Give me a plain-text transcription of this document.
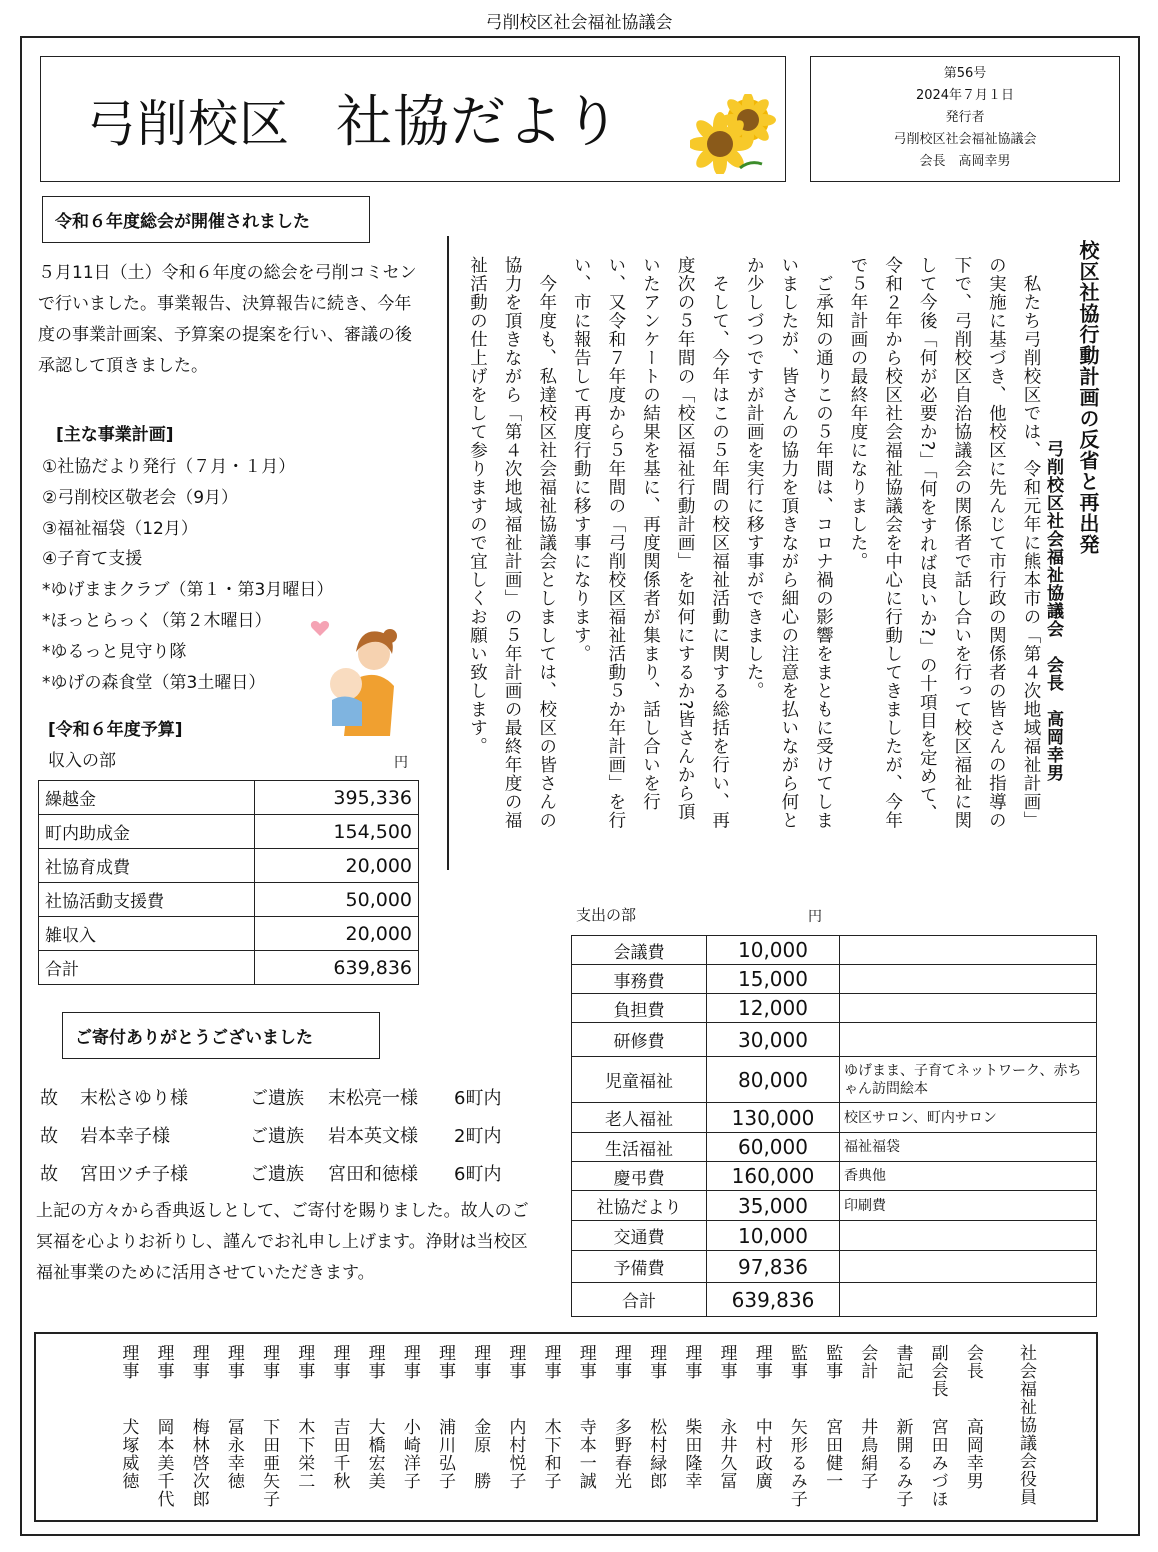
弓削校区社会福祉協議会
弓削校区 社協だより
第56号
2024年７月１日
発行者
弓削校区社会福祉協議会
会長　高岡幸男
令和６年度総会が開催されました
５月11日（土）令和６年度の総会を弓削コミセンで行いました。事業報告、決算報告に続き、今年度の事業計画案、予算案の提案を行い、審議の後承認して頂きました。
[主な事業計画]
①社協だより発行（７月・１月）
②弓削校区敬老会（9月）
③福祉福袋（12月）
④子育て支援
*ゆげままクラブ（第１・第3月曜日）
*ほっとらっく（第２木曜日）
*ゆるっと見守り隊
*ゆげの森食堂（第3土曜日）
[令和６年度予算]
収入の部	円
繰越金	395,336
町内助成金	154,500
社協育成費	20,000
社協活動支援費	50,000
雑収入	20,000
合計	639,836
ご寄付ありがとうございました
故 末松さゆり様	ご遺族 末松亮一様 6町内
故 岩本幸子様	ご遺族 岩本英文様 2町内
故 宮田ツチ子様	ご遺族 宮田和徳様 6町内
上記の方々から香典返しとして、ご寄付を賜りました。故人のご冥福を心よりお祈りし、謹んでお礼申し上げます。浄財は当校区福祉事業のために活用させていただきます。
校区社協行動計画の反省と再出発
弓削校区社会福祉協議会　会長　高岡幸男
　私たち弓削校区では、令和元年に熊本市の「第４次地域福祉計画」
の実施に基づき、他校区に先んじて市行政の関係者の皆さんの指導の
下で、弓削校区自治協議会の関係者で話し合いを行って校区福祉に関
して今後「何が必要か?」「何をすれば良いか?」の十項目を定めて、
令和２年から校区社会福祉協議会を中心に行動してきましたが、今年
で５年計画の最終年度になりました。
　ご承知の通りこの５年間は、コロナ禍の影響をまともに受けてしま
いましたが、皆さんの協力を頂きながら細心の注意を払いながら何と
か少しづつですが計画を実行に移す事ができました。
　そして、今年はこの５年間の校区福祉活動に関する総括を行い、再
度次の５年間の「校区福祉行動計画」を如何にするか?皆さんから頂
いたアンケートの結果を基に、再度関係者が集まり、話し合いを行
い、又令和７年度から５年間の「弓削校区福祉活動５か年計画」を行
い、市に報告して再度行動に移す事になります。
　今年度も、私達校区社会福祉協議会としましては、校区の皆さんの
協力を頂きながら「第４次地域福祉計画」の５年計画の最終年度の福
祉活動の仕上げをして参りますので宜しくお願い致します。
支出の部	円
会議費	10,000	
事務費	15,000	
負担費	12,000	
研修費	30,000	
児童福祉	80,000	ゆげまま、子育てネットワーク、赤ちゃん訪問絵本
老人福祉	130,000	校区サロン、町内サロン
生活福祉	60,000	福祉福袋
慶弔費	160,000	香典他
社協だより	35,000	印刷費
交通費	10,000	
予備費	97,836	
合計	639,836	
社会福祉協議会役員
会長
高岡幸男
副会長
宮田みづほ
書記
新開るみ子
会計
井鳥絹子
監事
宮田健一
監事
矢形るみ子
理事
中村政廣
理事
永井久冨
理事
柴田隆幸
理事
松村緑郎
理事
多野春光
理事
寺本一誠
理事
木下和子
理事
内村悦子
理事
金原　勝
理事
浦川弘子
理事
小崎洋子
理事
大橋宏美
理事
吉田千秋
理事
木下栄二
理事
下田亜矢子
理事
冨永幸徳
理事
梅林啓次郎
理事
岡本美千代
理事
犬塚威徳
